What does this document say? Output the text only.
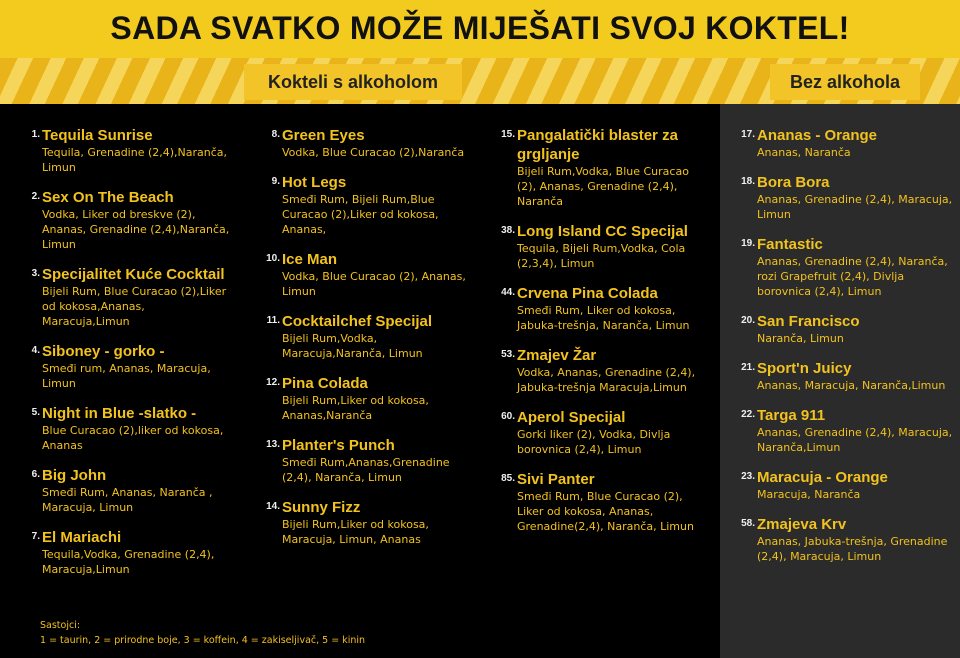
SADA SVATKO MOŽE MIJEŠATI SVOJ KOKTEL!
Kokteli s alkoholom	Bez alkohola
1. Tequila Sunrise
Tequila, Grenadine (2,4),Naranča, Limun
2. Sex On The Beach
Vodka, Liker od breskve (2), Ananas, Grenadine (2,4),Naranča, Limun
3. Specijalitet Kuće Cocktail
Bijeli Rum, Blue Curacao (2),Liker od kokosa,Ananas, Maracuja,Limun
4. Siboney - gorko -
Smeđi rum, Ananas, Maracuja, Limun
5. Night in Blue -slatko -
Blue Curacao (2),liker od kokosa, Ananas
6. Big John
Smeđi Rum, Ananas, Naranča , Maracuja, Limun
7. El Mariachi
Tequila,Vodka, Grenadine (2,4), Maracuja,Limun
8. Green Eyes
Vodka, Blue Curacao (2),Naranča
9. Hot Legs
Smeđi Rum, Bijeli Rum,Blue Curacao (2),Liker od kokosa, Ananas,
10. Ice Man
Vodka, Blue Curacao (2), Ananas, Limun
11. Cocktailchef Specijal
Bijeli Rum,Vodka, Maracuja,Naranča, Limun
12. Pina Colada
Bijeli Rum,Liker od kokosa, Ananas,Naranča
13. Planter's Punch
Smeđi Rum,Ananas,Grenadine (2,4), Naranča, Limun
14. Sunny Fizz
Bijeli Rum,Liker od kokosa, Maracuja, Limun, Ananas
15. Pangalatički blaster za grgljanje
Bijeli Rum,Vodka, Blue Curacao (2), Ananas, Grenadine (2,4), Naranča
38. Long Island CC Specijal
Tequila, Bijeli Rum,Vodka, Cola (2,3,4), Limun
44. Crvena Pina Colada
Smeđi Rum, Liker od kokosa, Jabuka-trešnja, Naranča, Limun
53. Zmajev Žar
Vodka, Ananas, Grenadine (2,4), Jabuka-trešnja Maracuja,Limun
60. Aperol Specijal
Gorki liker (2), Vodka, Divlja borovnica (2,4), Limun
85. Sivi Panter
Smeđi Rum, Blue Curacao (2), Liker od kokosa, Ananas, Grenadine(2,4), Naranča, Limun
17. Ananas - Orange
Ananas, Naranča
18. Bora Bora
Ananas, Grenadine (2,4), Maracuja, Limun
19. Fantastic
Ananas, Grenadine (2,4), Naranča, rozi Grapefruit (2,4), Divlja borovnica (2,4), Limun
20. San Francisco
Naranča, Limun
21. Sport'n Juicy
Ananas, Maracuja, Naranča,Limun
22. Targa 911
Ananas, Grenadine (2,4), Maracuja, Naranča,Limun
23. Maracuja - Orange
Maracuja, Naranča
58. Zmajeva Krv
Ananas, Jabuka-trešnja, Grenadine (2,4), Maracuja, Limun
Sastojci:
1 = taurin, 2 = prirodne boje, 3 = koffein, 4 = zakiseljivač, 5 = kinin
